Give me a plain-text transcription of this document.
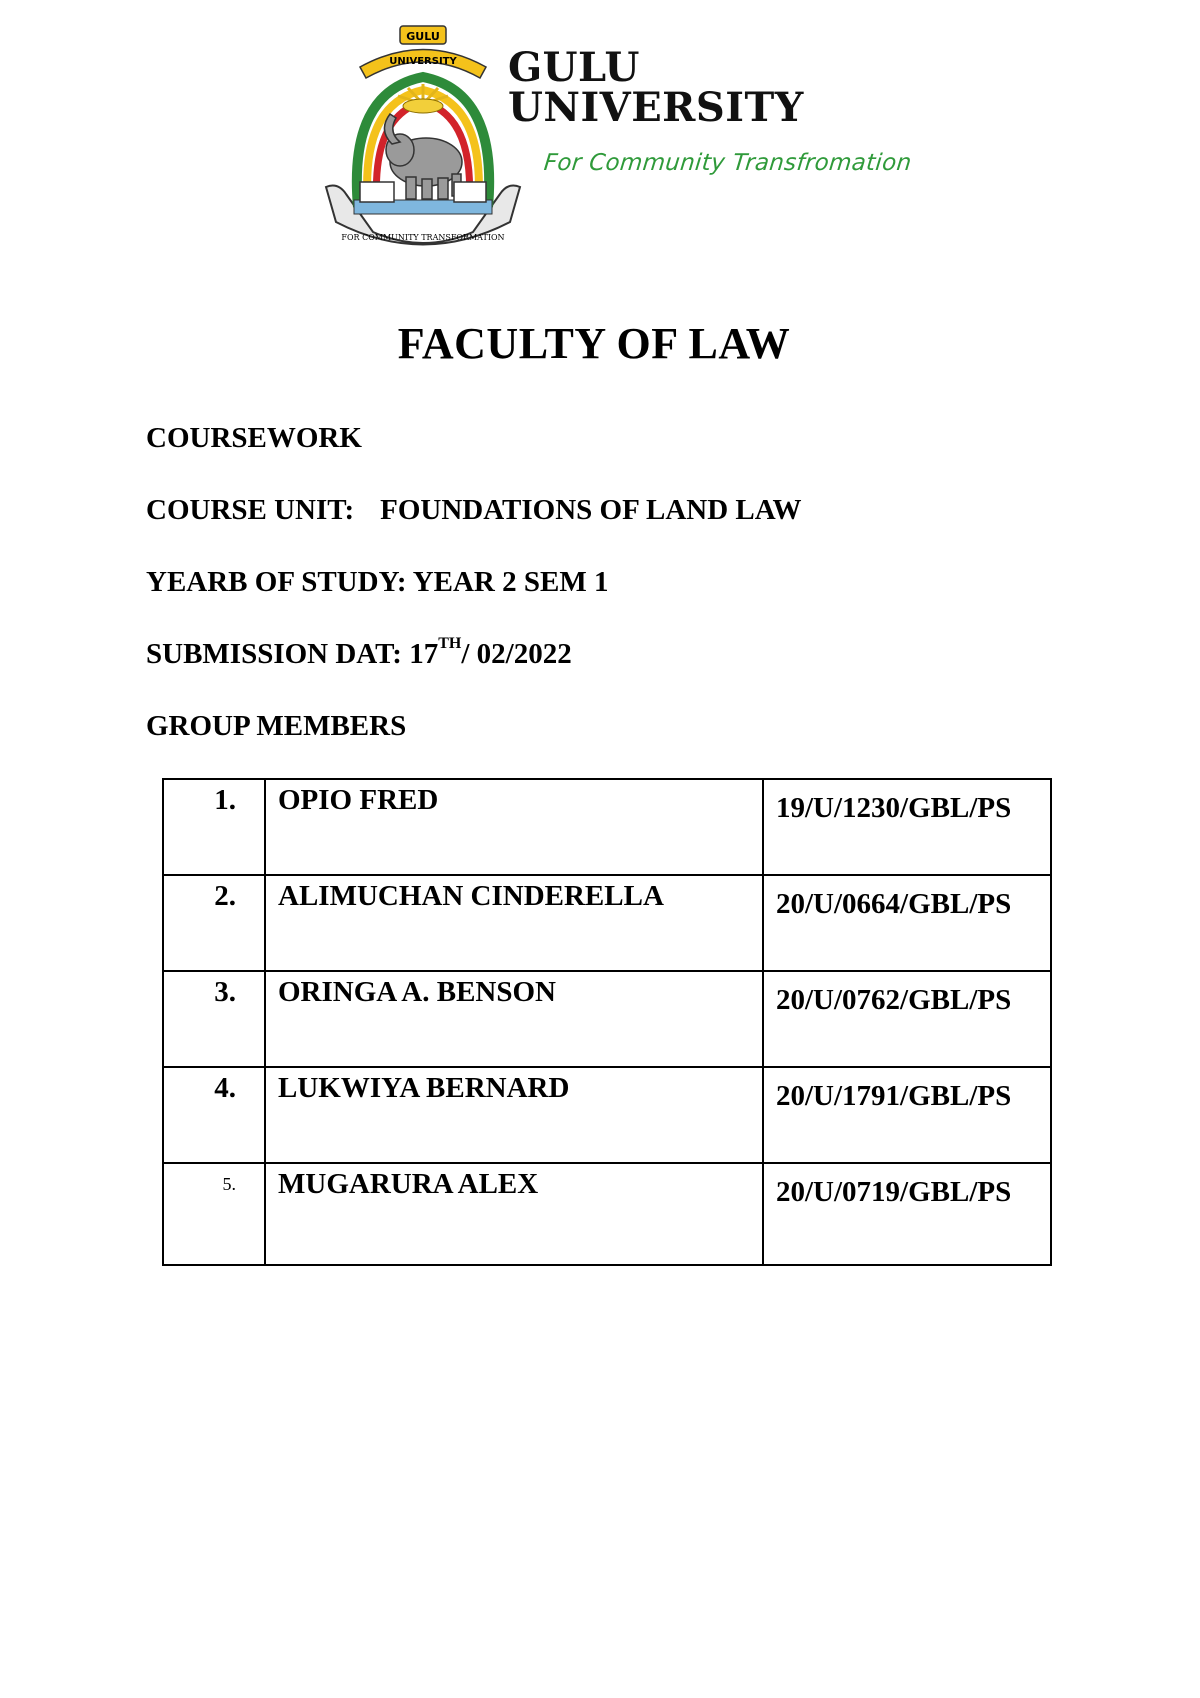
GULU
UNIVERSITY
FOR COMMUNITY TRANSFORMATION
GULU
UNIVERSITY
For Community Transfromation
FACULTY OF LAW
COURSEWORK
COURSE UNIT: FOUNDATIONS OF LAND LAW
YEARB OF STUDY: YEAR 2 SEM 1
SUBMISSION DAT: 17TH/ 02/2022
GROUP MEMBERS
1.	OPIO FRED	19/U/1230/GBL/PS
2.	ALIMUCHAN CINDERELLA	20/U/0664/GBL/PS
3.	ORINGA A. BENSON	20/U/0762/GBL/PS
4.	LUKWIYA BERNARD	20/U/1791/GBL/PS
5.	MUGARURA ALEX	20/U/0719/GBL/PS
